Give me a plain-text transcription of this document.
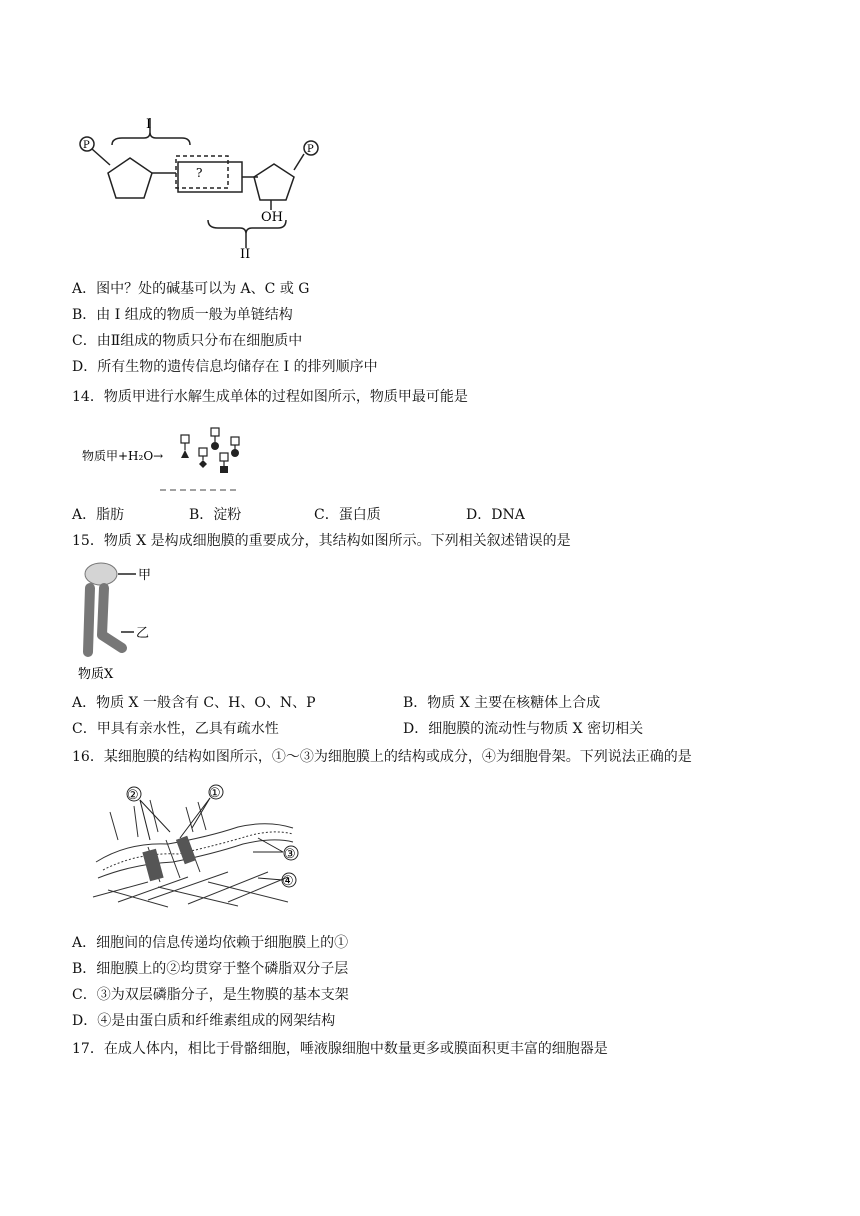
I
P	P
?
OH
II
A．图中？处的碱基可以为 A、C 或 G
B．由 I 组成的物质一般为单链结构
C．由Ⅱ组成的物质只分布在细胞质中
D．所有生物的遗传信息均储存在 I 的排列顺序中
14．物质甲进行水解生成单体的过程如图所示，物质甲最可能是
物质甲+H₂O→
A．脂肪	B．淀粉	C．蛋白质	D．DNA
15．物质 X 是构成细胞膜的重要成分，其结构如图所示。下列相关叙述错误的是
甲
乙
物质X
A．物质 X 一般含有 C、H、O、N、P	B．物质 X 主要在核糖体上合成
C．甲具有亲水性，乙具有疏水性	D．细胞膜的流动性与物质 X 密切相关
16．某细胞膜的结构如图所示，①～③为细胞膜上的结构或成分，④为细胞骨架。下列说法正确的是
②	①
③
④
A．细胞间的信息传递均依赖于细胞膜上的①
B．细胞膜上的②均贯穿于整个磷脂双分子层
C．③为双层磷脂分子，是生物膜的基本支架
D．④是由蛋白质和纤维素组成的网架结构
17．在成人体内，相比于骨骼细胞，唾液腺细胞中数量更多或膜面积更丰富的细胞器是
